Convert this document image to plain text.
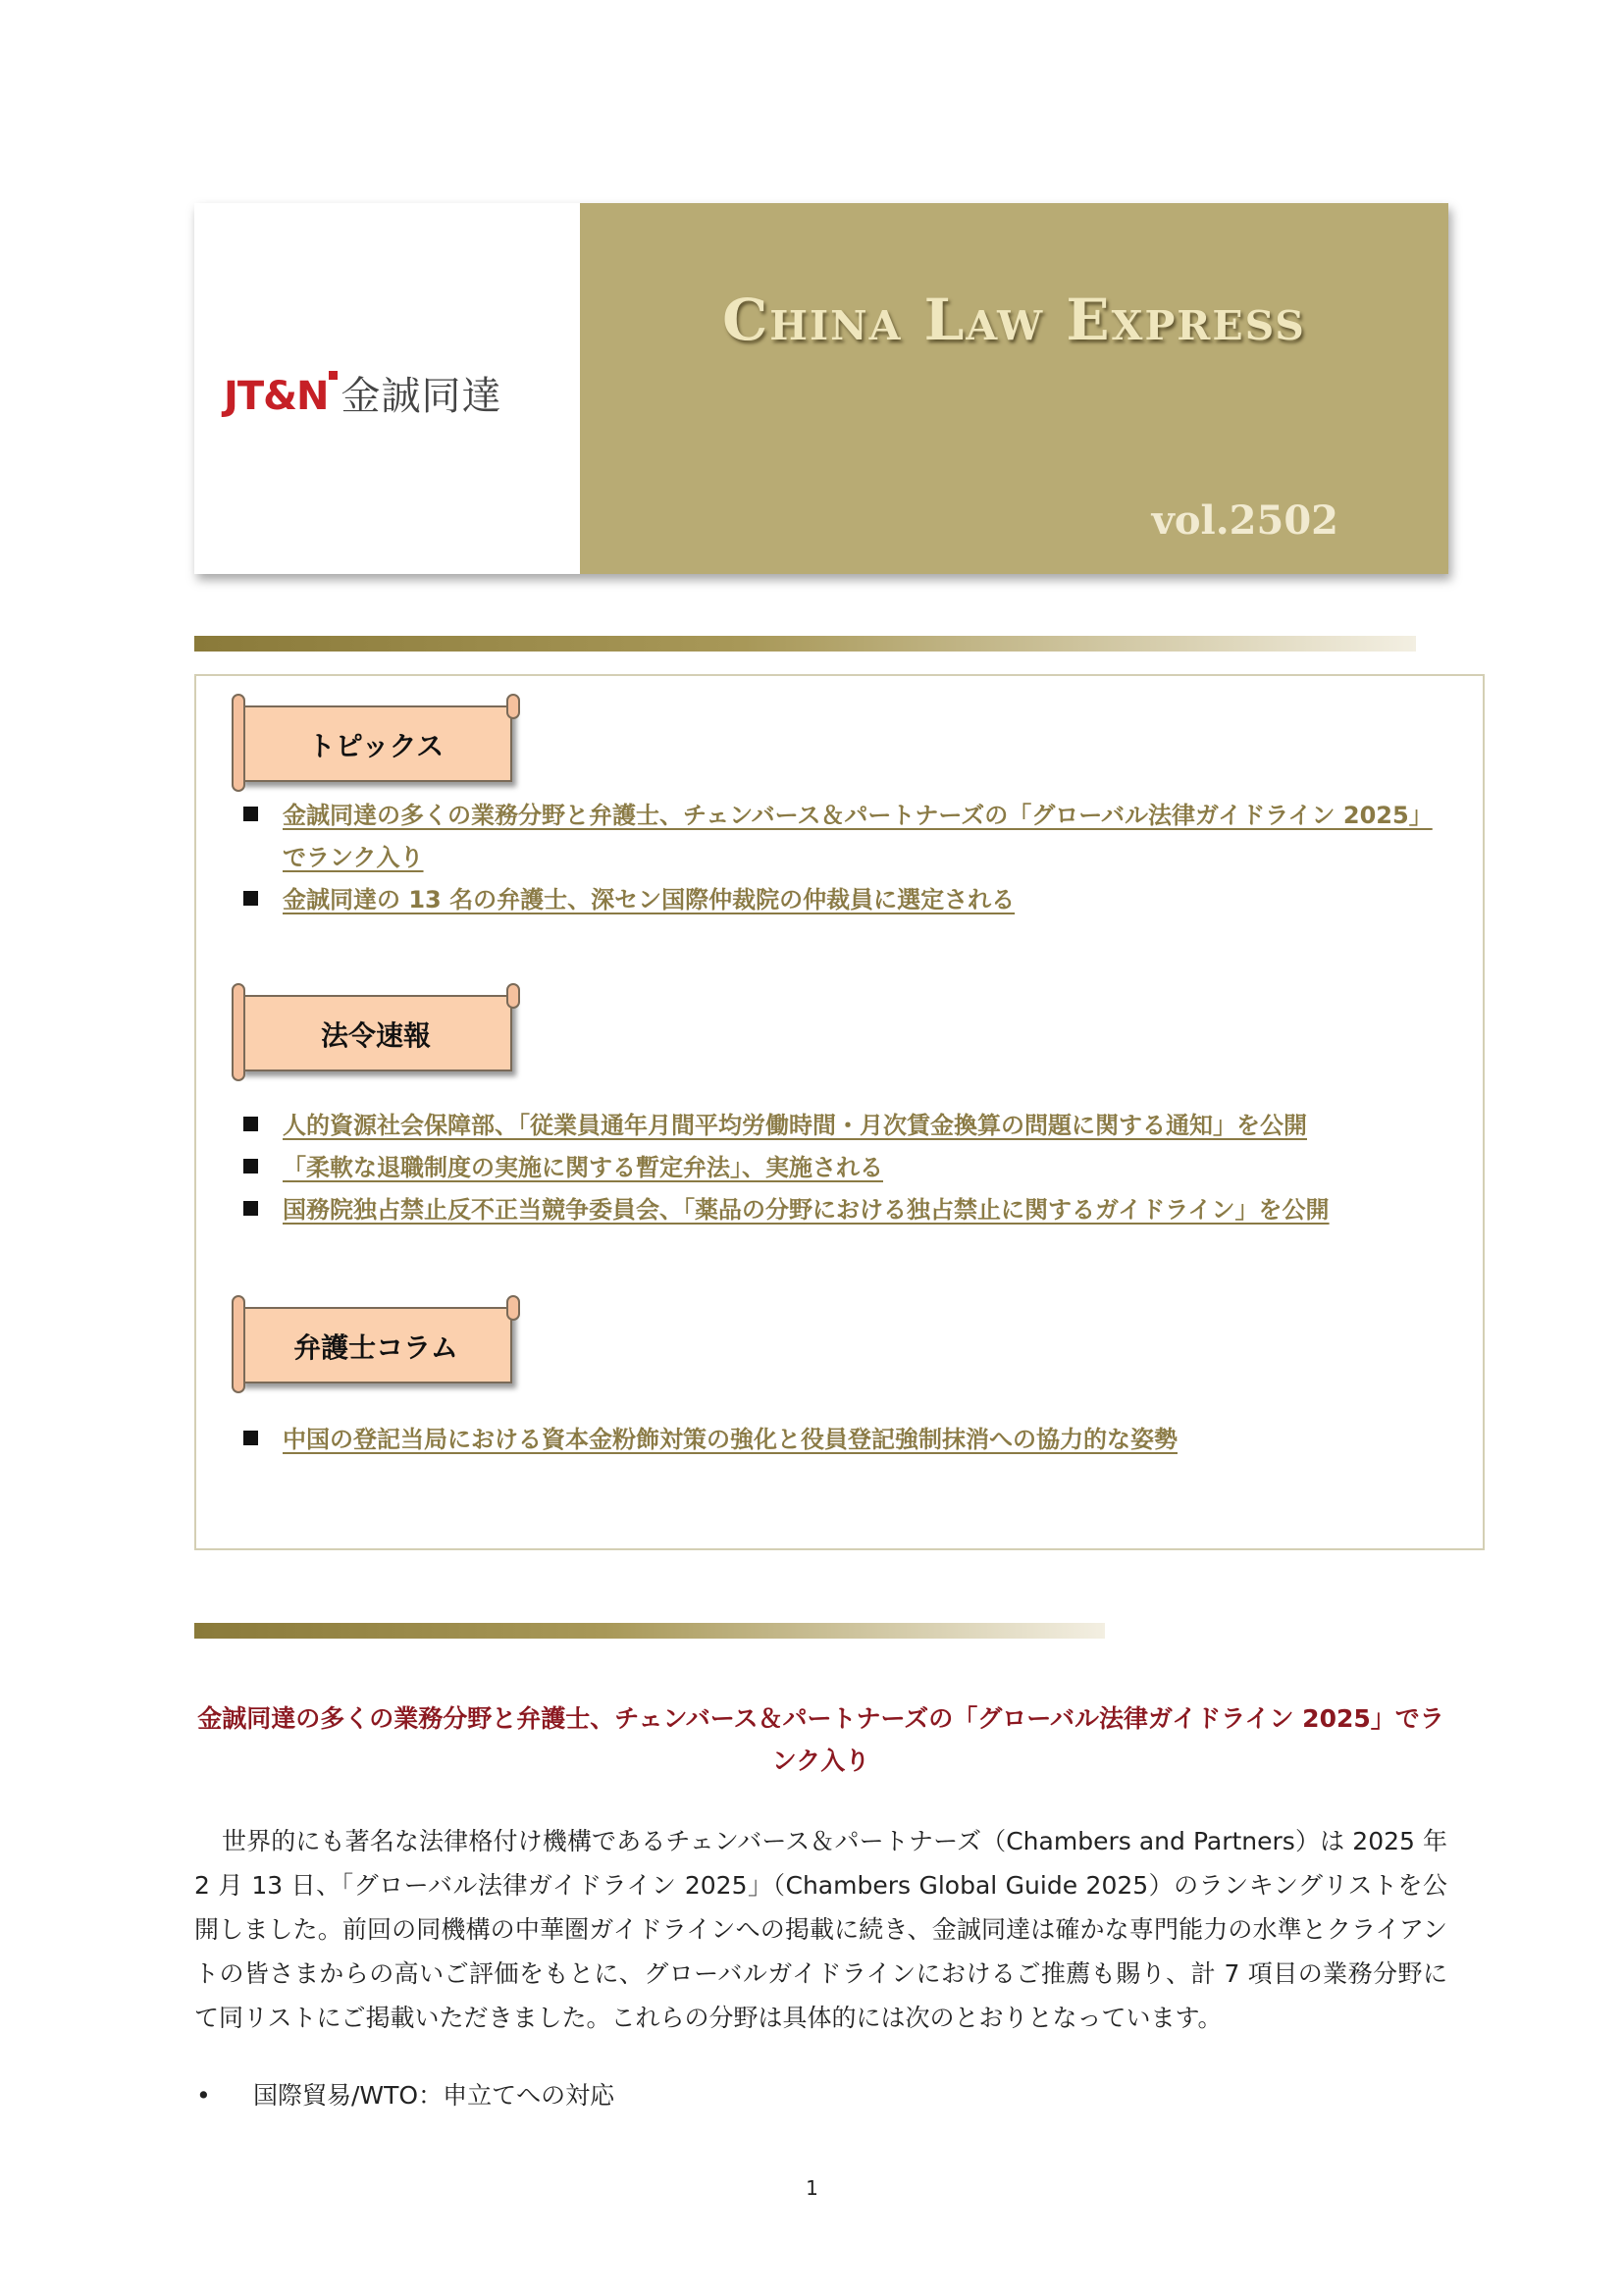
JT&N 金誠同達
China Law Express
vol.2502
トピックス
金誠同達の多くの業務分野と弁護士、チェンバース＆パートナーズの「グローバル法律ガイドライン 2025」でランク入り
金誠同達の 13 名の弁護士、深セン国際仲裁院の仲裁員に選定される
法令速報
人的資源社会保障部、「従業員通年月間平均労働時間・月次賃金換算の問題に関する通知」を公開
「柔軟な退職制度の実施に関する暫定弁法」、実施される
国務院独占禁止反不正当競争委員会、「薬品の分野における独占禁止に関するガイドライン」を公開
弁護士コラム
中国の登記当局における資本金粉飾対策の強化と役員登記強制抹消への協力的な姿勢
金誠同達の多くの業務分野と弁護士、チェンバース＆パートナーズの「グローバル法律ガイドライン 2025」でランク入り
世界的にも著名な法律格付け機構であるチェンバース＆パートナーズ（Chambers and Partners）は 2025 年 2 月 13 日、「グローバル法律ガイドライン 2025」（Chambers Global Guide 2025）のランキングリストを公開しました。前回の同機構の中華圏ガイドラインへの掲載に続き、金誠同達は確かな専門能力の水準とクライアントの皆さまからの高いご評価をもとに、グローバルガイドラインにおけるご推薦も賜り、計 7 項目の業務分野にて同リストにご掲載いただきました。これらの分野は具体的には次のとおりとなっています。
• 国際貿易/WTO：申立てへの対応
1
